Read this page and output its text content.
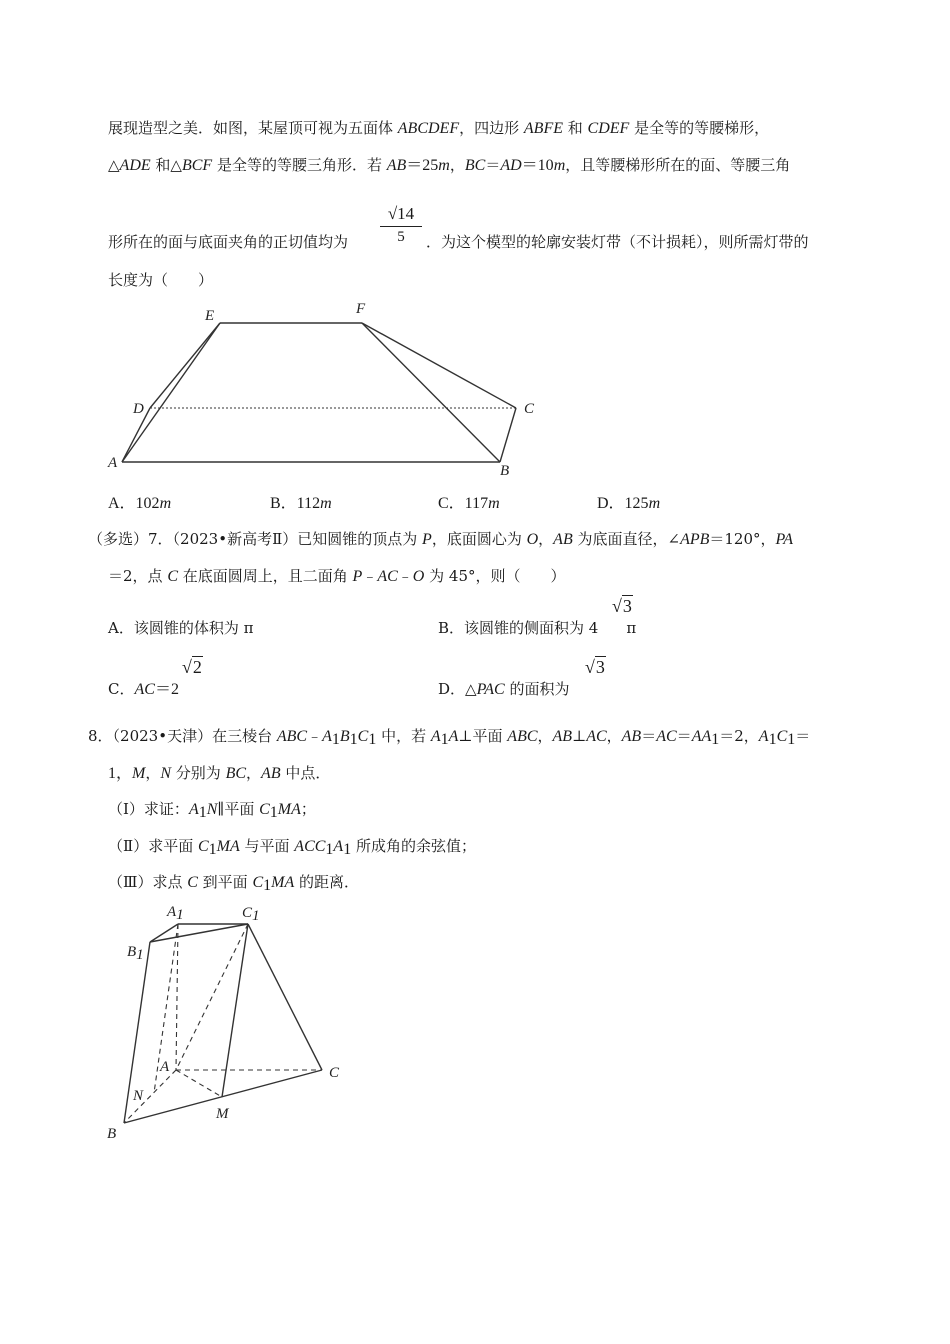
展现造型之美．如图，某屋顶可视为五面体 ABCDEF，四边形 ABFE 和 CDEF 是全等的等腰梯形，
△ADE 和△BCF 是全等的等腰三角形．若 AB＝25m，BC＝AD＝10m，且等腰梯形所在的面、等腰三角
√14
5
形所在的面与底面夹角的正切值均为	．为这个模型的轮廓安装灯带（不计损耗），则所需灯带的
长度为（　　）
E	F
D	C
A	B
A．102m	B．112m	C．117m	D．125m
（多选）7．（2023•新高考Ⅱ）已知圆锥的顶点为 P，底面圆心为 O，AB 为底面直径，∠APB＝120°，PA
＝2，点 C 在底面圆周上，且二面角 P﹣AC﹣O 为 45°，则（　　）
A．该圆锥的体积为 π	B．该圆锥的侧面积为 4 π
√3
C．AC＝2
√2
D．△PAC 的面积为
√3
8．（2023•天津）在三棱台 $ABC﹣A_1B_1C_1$ 中，若 $A_1A\perp$平面 ABC，AB⊥AC，$AB=AC=AA_1=2$，$A_1C_1=$
1，M，N 分别为 BC，AB 中点．
（Ⅰ）求证：$A_1N\parallel$平面 $C_1MA$；
（Ⅱ）求平面 $C_1MA$ 与平面 $ACC_1A_1$ 所成角的余弦值；
（Ⅲ）求点 C 到平面 $C_1MA$ 的距离．
A1	C1
B1
A	C
N
M
B
